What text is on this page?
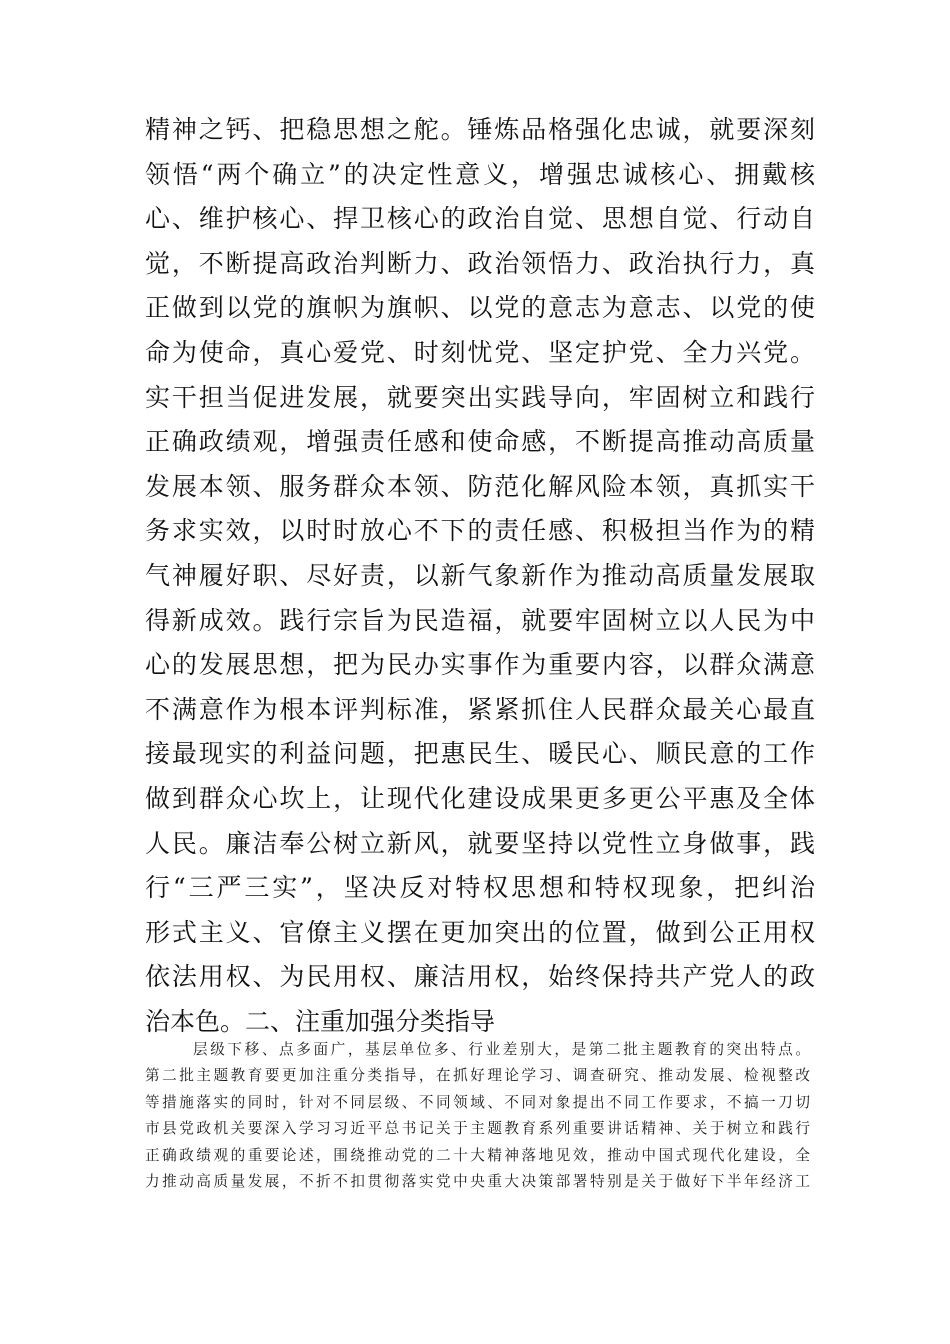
精神之钙、把稳思想之舵。锤炼品格强化忠诚，就要深刻
领悟“两个确立”的决定性意义，增强忠诚核心、拥戴核
心、维护核心、捍卫核心的政治自觉、思想自觉、行动自
觉，不断提高政治判断力、政治领悟力、政治执行力，真
正做到以党的旗帜为旗帜、以党的意志为意志、以党的使
命为使命，真心爱党、时刻忧党、坚定护党、全力兴党。
实干担当促进发展，就要突出实践导向，牢固树立和践行
正确政绩观，增强责任感和使命感，不断提高推动高质量
发展本领、服务群众本领、防范化解风险本领，真抓实干
务求实效，以时时放心不下的责任感、积极担当作为的精
气神履好职、尽好责，以新气象新作为推动高质量发展取
得新成效。践行宗旨为民造福，就要牢固树立以人民为中
心的发展思想，把为民办实事作为重要内容，以群众满意
不满意作为根本评判标准，紧紧抓住人民群众最关心最直
接最现实的利益问题，把惠民生、暖民心、顺民意的工作
做到群众心坎上，让现代化建设成果更多更公平惠及全体
人民。廉洁奉公树立新风，就要坚持以党性立身做事，践
行“三严三实”，坚决反对特权思想和特权现象，把纠治
形式主义、官僚主义摆在更加突出的位置，做到公正用权
依法用权、为民用权、廉洁用权，始终保持共产党人的政
治本色。二、注重加强分类指导
层级下移、点多面广，基层单位多、行业差别大，是第二批主题教育的突出特点。
第二批主题教育要更加注重分类指导，在抓好理论学习、调查研究、推动发展、检视整改
等措施落实的同时，针对不同层级、不同领域、不同对象提出不同工作要求，不搞一刀切
市县党政机关要深入学习习近平总书记关于主题教育系列重要讲话精神、关于树立和践行
正确政绩观的重要论述，围绕推动党的二十大精神落地见效，推动中国式现代化建设，全
力推动高质量发展，不折不扣贯彻落实党中央重大决策部署特别是关于做好下半年经济工
